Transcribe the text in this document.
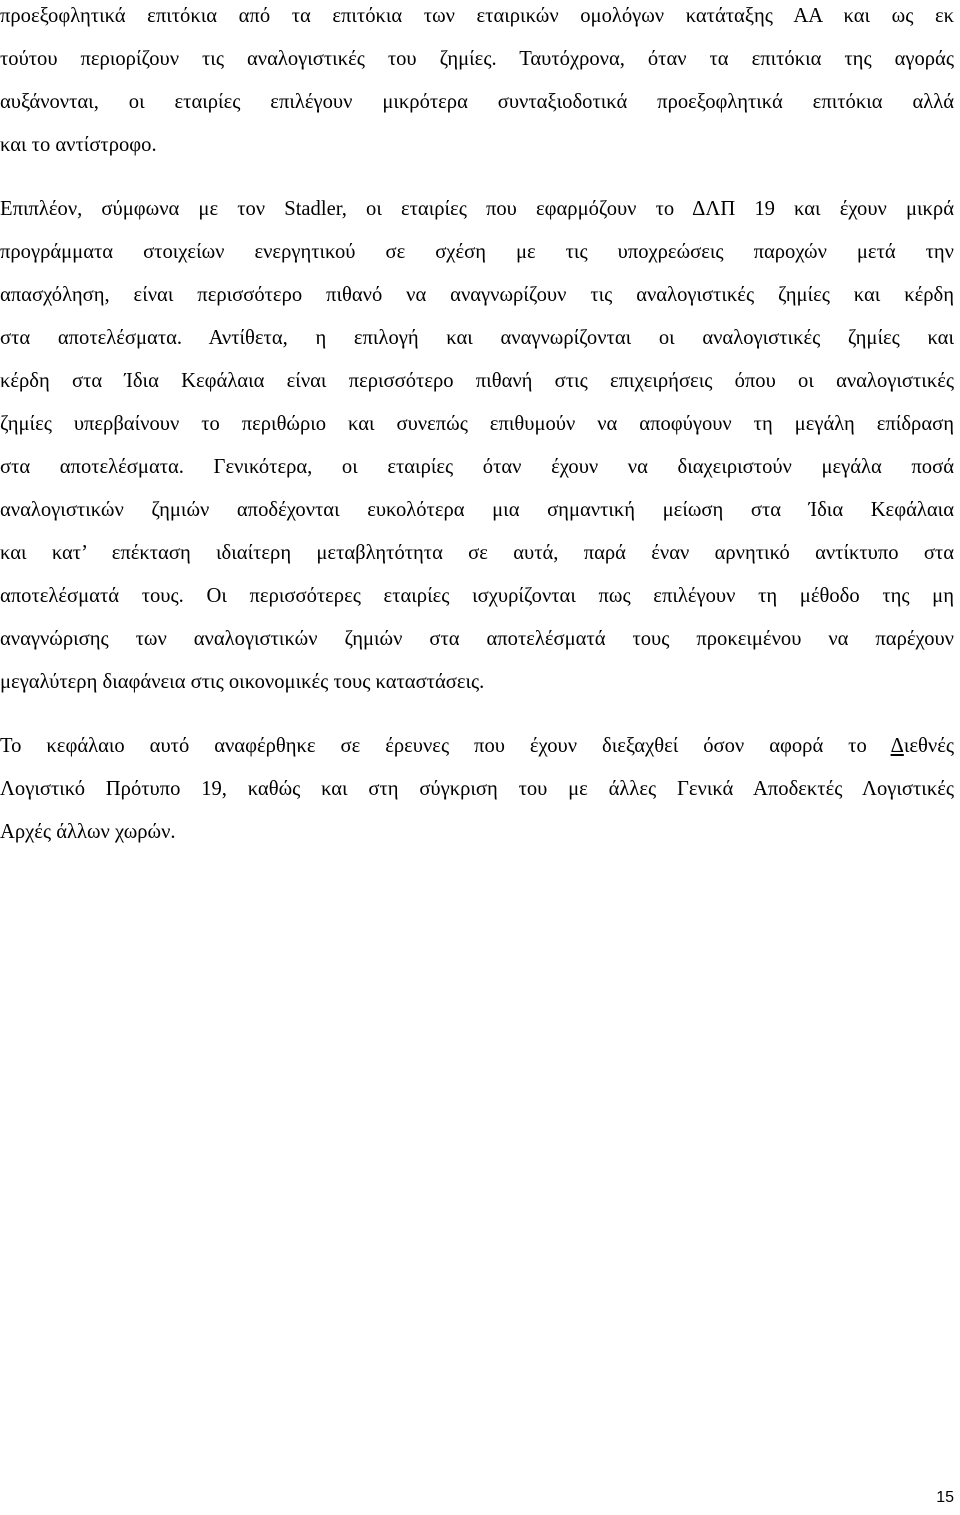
προεξοφλητικά επιτόκια από τα επιτόκια των εταιρικών ομολόγων κατάταξης ΑΑ και ως εκ
τούτου περιορίζουν τις αναλογιστικές του ζημίες. Ταυτόχρονα, όταν τα επιτόκια της αγοράς
αυξάνονται, οι εταιρίες επιλέγουν μικρότερα συνταξιοδοτικά προεξοφλητικά επιτόκια αλλά
και το αντίστροφο.
Επιπλέον, σύμφωνα με τον Stadler, οι εταιρίες που εφαρμόζουν το ΔΛΠ 19 και έχουν μικρά
προγράμματα στοιχείων ενεργητικού σε σχέση με τις υποχρεώσεις παροχών μετά την
απασχόληση, είναι περισσότερο πιθανό να αναγνωρίζουν τις αναλογιστικές ζημίες και κέρδη
στα αποτελέσματα. Αντίθετα, η επιλογή και αναγνωρίζονται οι αναλογιστικές ζημίες και
κέρδη στα Ίδια Κεφάλαια είναι περισσότερο πιθανή στις επιχειρήσεις όπου οι αναλογιστικές
ζημίες υπερβαίνουν το περιθώριο και συνεπώς επιθυμούν να αποφύγουν τη μεγάλη επίδραση
στα αποτελέσματα. Γενικότερα, οι εταιρίες όταν έχουν να διαχειριστούν μεγάλα ποσά
αναλογιστικών ζημιών αποδέχονται ευκολότερα μια σημαντική μείωση στα Ίδια Κεφάλαια
και κατ’ επέκταση ιδιαίτερη μεταβλητότητα σε αυτά, παρά έναν αρνητικό αντίκτυπο στα
αποτελέσματά τους. Οι περισσότερες εταιρίες ισχυρίζονται πως επιλέγουν τη μέθοδο της μη
αναγνώρισης των αναλογιστικών ζημιών στα αποτελέσματά τους προκειμένου να παρέχουν
μεγαλύτερη διαφάνεια στις οικονομικές τους καταστάσεις.
Το κεφάλαιο αυτό αναφέρθηκε σε έρευνες που έχουν διεξαχθεί όσον αφορά το Διεθνές
Λογιστικό Πρότυπο 19, καθώς και στη σύγκριση του με άλλες Γενικά Αποδεκτές Λογιστικές
Αρχές άλλων χωρών.
15
